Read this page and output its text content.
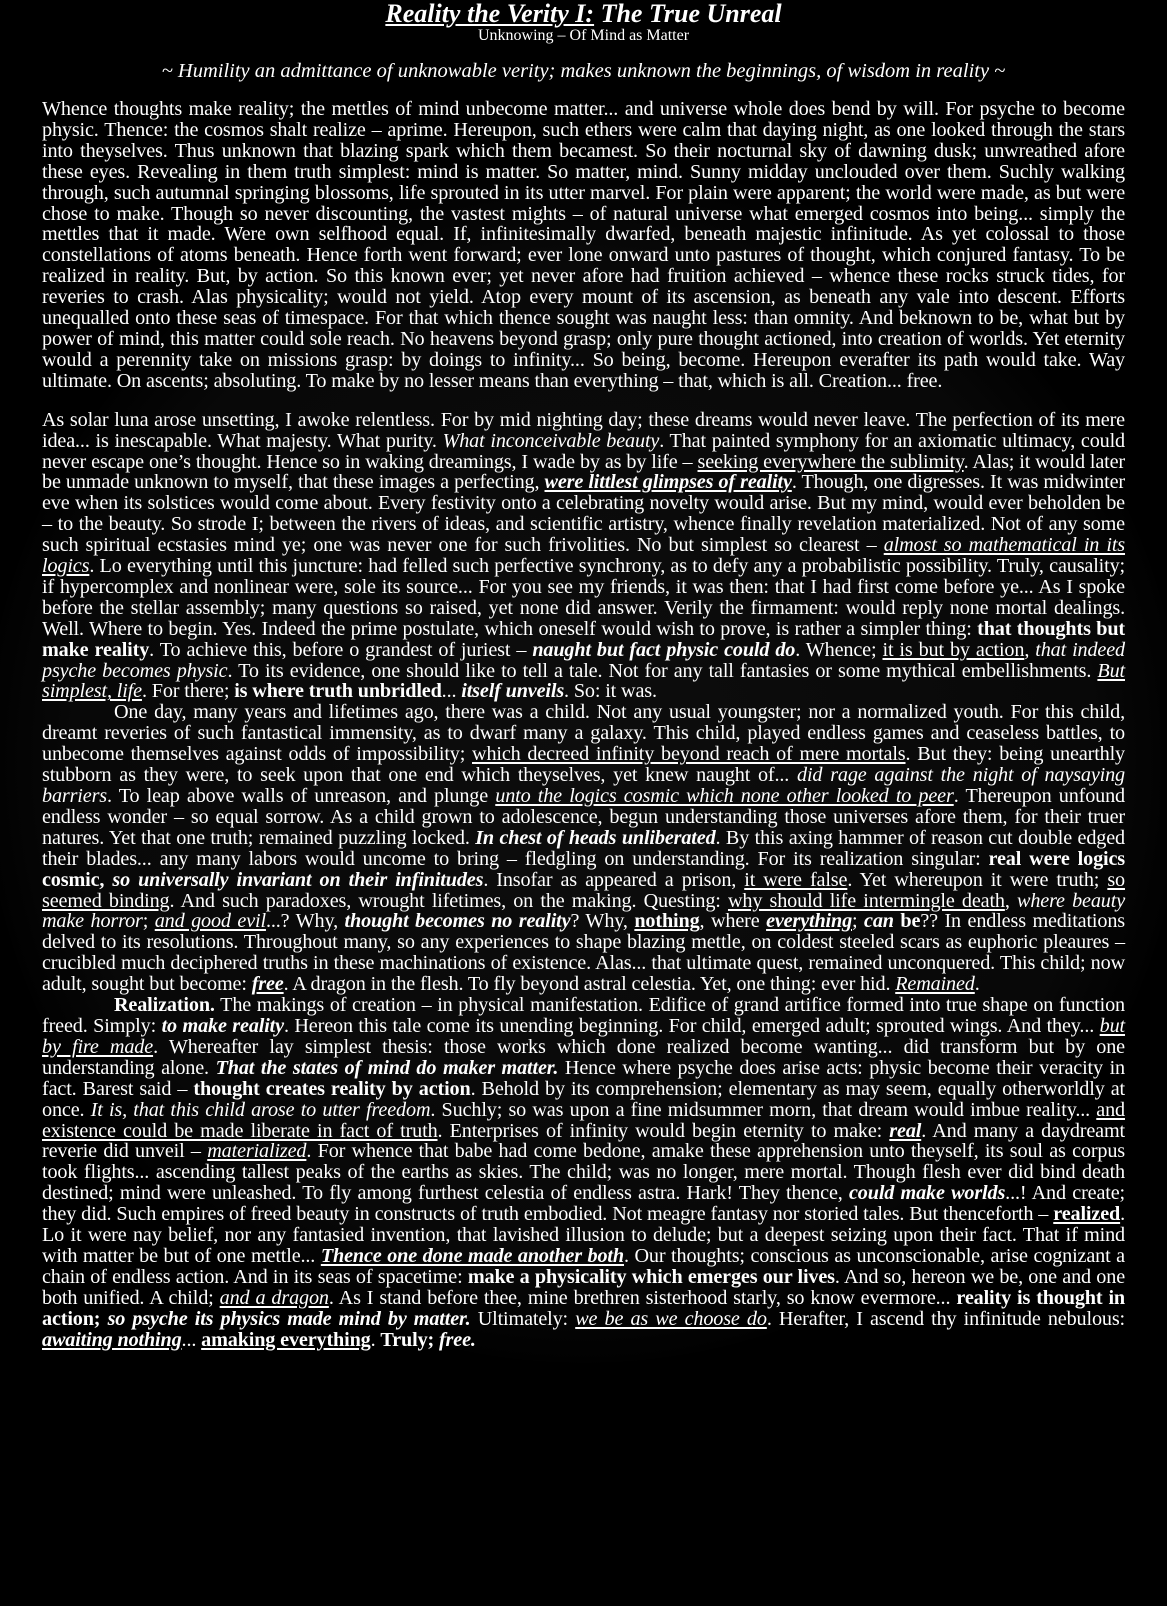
Reality the Verity I: The True Unreal
Unknowing – Of Mind as Matter
~ Humility an admittance of unknowable verity; makes unknown the beginnings, of wisdom in reality ~

Whence thoughts make reality; the mettles of mind unbecome matter... and universe whole does bend by will. For psyche to become physic. Thence: the cosmos shalt realize – aprime. Hereupon, such ethers were calm that daying night, as one looked through the stars into theyselves. Thus unknown that blazing spark which them becamest. So their nocturnal sky of dawning dusk; unwreathed afore these eyes. Revealing in them truth simplest: mind is matter. So matter, mind. Sunny midday unclouded over them. Suchly walking through, such autumnal springing blossoms, life sprouted in its utter marvel. For plain were apparent; the world were made, as but were chose to make. Though so never discounting, the vastest mights – of natural universe what emerged cosmos into being... simply the mettles that it made. Were own selfhood equal. If, infinitesimally dwarfed, beneath majestic infinitude. As yet colossal to those constellations of atoms beneath. Hence forth went forward; ever lone onward unto pastures of thought, which conjured fantasy. To be realized in reality. But, by action. So this known ever; yet never afore had fruition achieved – whence these rocks struck tides, for reveries to crash. Alas physicality; would not yield. Atop every mount of its ascension, as beneath any vale into descent. Efforts unequalled onto these seas of timespace. For that which thence sought was naught less: than omnity. And beknown to be, what but by power of mind, this matter could sole reach. No heavens beyond grasp; only pure thought actioned, into creation of worlds. Yet eternity would a perennity take on missions grasp: by doings to infinity... So being, become. Hereupon everafter its path would take. Way ultimate. On ascents; absoluting. To make by no lesser means than everything – that, which is all. Creation... free.

As solar luna arose unsetting, I awoke relentless. For by mid nighting day; these dreams would never leave. The perfection of its mere idea... is inescapable. What majesty. What purity. What inconceivable beauty. That painted symphony for an axiomatic ultimacy, could never escape one’s thought. Hence so in waking dreamings, I wade by as by life – seeking everywhere the sublimity. Alas; it would later be unmade unknown to myself, that these images a perfecting, were littlest glimpses of reality. Though, one digresses. It was midwinter eve when its solstices would come about. Every festivity onto a celebrating novelty would arise. But my mind, would ever beholden be – to the beauty. So strode I; between the rivers of ideas, and scientific artistry, whence finally revelation materialized. Not of any some such spiritual ecstasies mind ye; one was never one for such frivolities. No but simplest so clearest – almost so mathematical in its logics. Lo everything until this juncture: had felled such perfective synchrony, as to defy any a probabilistic possibility. Truly, causality; if hypercomplex and nonlinear were, sole its source... For you see my friends, it was then: that I had first come before ye... As I spoke before the stellar assembly; many questions so raised, yet none did answer. Verily the firmament: would reply none mortal dealings. Well. Where to begin. Yes. Indeed the prime postulate, which oneself would wish to prove, is rather a simpler thing: that thoughts but make reality. To achieve this, before o grandest of juriest – naught but fact physic could do. Whence; it is but by action, that indeed psyche becomes physic. To its evidence, one should like to tell a tale. Not for any tall fantasies or some mythical embellishments. But simplest, life. For there; is where truth unbridled... itself unveils. So: it was.

One day, many years and lifetimes ago, there was a child. Not any usual youngster; nor a normalized youth. For this child, dreamt reveries of such fantastical immensity, as to dwarf many a galaxy. This child, played endless games and ceaseless battles, to unbecome themselves against odds of impossibility; which decreed infinity beyond reach of mere mortals. But they: being unearthly stubborn as they were, to seek upon that one end which theyselves, yet knew naught of... did rage against the night of naysaying barriers. To leap above walls of unreason, and plunge unto the logics cosmic which none other looked to peer. Thereupon unfound endless wonder – so equal sorrow. As a child grown to adolescence, begun understanding those universes afore them, for their truer natures. Yet that one truth; remained puzzling locked. In chest of heads unliberated. By this axing hammer of reason cut double edged their blades... any many labors would uncome to bring – fledgling on understanding. For its realization singular: real were logics cosmic, so universally invariant on their infinitudes. Insofar as appeared a prison, it were false. Yet whereupon it were truth; so seemed binding. And such paradoxes, wrought lifetimes, on the making. Questing: why should life intermingle death, where beauty make horror; and good evil...? Why, thought becomes no reality? Why, nothing, where everything; can be?? In endless meditations delved to its resolutions. Throughout many, so any experiences to shape blazing mettle, on coldest steeled scars as euphoric pleaures – crucibled much deciphered truths in these machinations of existence. Alas... that ultimate quest, remained unconquered. This child; now adult, sought but become: free. A dragon in the flesh. To fly beyond astral celestia. Yet, one thing: ever hid. Remained.

Realization. The makings of creation – in physical manifestation. Edifice of grand artifice formed into true shape on function freed. Simply: to make reality. Hereon this tale come its unending beginning. For child, emerged adult; sprouted wings. And they... but by fire made. Whereafter lay simplest thesis: those works which done realized become wanting... did transform but by one understanding alone. That the states of mind do maker matter. Hence where psyche does arise acts: physic become their veracity in fact. Barest said – thought creates reality by action. Behold by its comprehension; elementary as may seem, equally otherworldly at once. It is, that this child arose to utter freedom. Suchly; so was upon a fine midsummer morn, that dream would imbue reality... and existence could be made liberate in fact of truth. Enterprises of infinity would begin eternity to make: real. And many a daydreamt reverie did unveil – materialized. For whence that babe had come bedone, amake these apprehension unto theyself, its soul as corpus took flights... ascending tallest peaks of the earths as skies. The child; was no longer, mere mortal. Though flesh ever did bind death destined; mind were unleashed. To fly among furthest celestia of endless astra. Hark! They thence, could make worlds...! And create; they did. Such empires of freed beauty in constructs of truth embodied. Not meagre fantasy nor storied tales. But thenceforth – realized. Lo it were nay belief, nor any fantasied invention, that lavished illusion to delude; but a deepest seizing upon their fact. That if mind with matter be but of one mettle... Thence one done made another both. Our thoughts; conscious as unconscionable, arise cognizant a chain of endless action. And in its seas of spacetime: make a physicality which emerges our lives. And so, hereon we be, one and one both unified. A child; and a dragon. As I stand before thee, mine brethren sisterhood starly, so know evermore... reality is thought in action; so psyche its physics made mind by matter. Ultimately: we be as we choose do. Herafter, I ascend thy infinitude nebulous: awaiting nothing... amaking everything. Truly; free.
